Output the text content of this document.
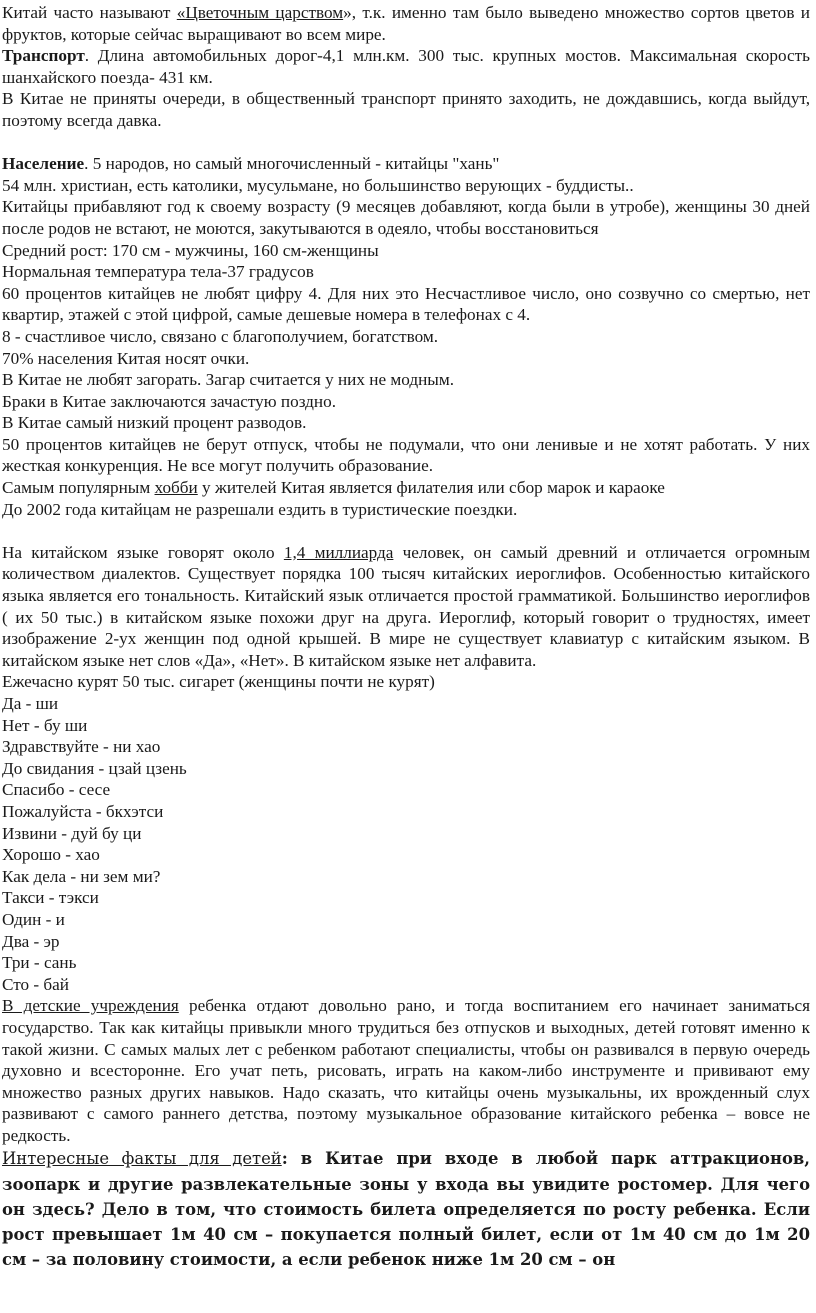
Китай часто называют «Цветочным царством», т.к. именно там было выведено множество сортов цветов и фруктов, которые сейчас выращивают во всем мире.

Транспорт. Длина автомобильных дорог-4,1 млн.км. 300 тыс. крупных мостов. Максимальная скорость шанхайского поезда- 431 км.

В Китае не приняты очереди, в общественный транспорт принято заходить, не дождавшись, когда выйдут, поэтому всегда давка.

Население. 5 народов, но самый многочисленный - китайцы "хань"

54 млн. христиан, есть католики, мусульмане, но большинство верующих - буддисты..

Китайцы прибавляют год к своему возрасту (9 месяцев добавляют, когда были в утробе), женщины 30 дней после родов не встают, не моются, закутываются в одеяло, чтобы восстановиться

Средний рост: 170 см - мужчины, 160 см-женщины

Нормальная температура тела-37 градусов

60 процентов китайцев не любят цифру 4. Для них это Несчастливое число, оно созвучно со смертью, нет квартир, этажей с этой цифрой, самые дешевые номера в телефонах с 4.

8 - счастливое число, связано с благополучием, богатством.

70% населения Китая носят очки.

В Китае не любят загорать. Загар считается у них не модным.

Браки в Китае заключаются зачастую поздно.

В Китае самый низкий процент разводов.

50 процентов китайцев не берут отпуск, чтобы не подумали, что они ленивые и не хотят работать. У них жесткая конкуренция. Не все могут получить образование.

Самым популярным хобби у жителей Китая является филателия или сбор марок и караоке

До 2002 года китайцам не разрешали ездить в туристические поездки.

На китайском языке говорят около 1,4 миллиарда человек, он самый древний и отличается огромным количеством диалектов. Существует порядка 100 тысяч китайских иероглифов. Особенностью китайского языка является его тональность. Китайский язык отличается простой грамматикой. Большинство иероглифов ( их 50 тыс.) в китайском языке похожи друг на друга. Иероглиф, который говорит о трудностях, имеет изображение 2-ух женщин под одной крышей. В мире не существует клавиатур с китайским языком. В китайском языке нет слов «Да», «Нет». В китайском языке нет алфавита.

Ежечасно курят 50 тыс. сигарет (женщины почти не курят)

Да - ши

Нет - бу ши

Здравствуйте - ни хао

До свидания - цзай цзень

Спасибо - сесе

Пожалуйста - бкхэтси

Извини - дуй бу ци

Хорошо - хао

Как дела - ни зем ми?

Такси - тэкси

Один - и

Два - эр

Три - сань

Сто - бай

В детские учреждения ребенка отдают довольно рано, и тогда воспитанием его начинает заниматься государство. Так как китайцы привыкли много трудиться без отпусков и выходных, детей готовят именно к такой жизни. С самых малых лет с ребенком работают специалисты, чтобы он развивался в первую очередь духовно и всесторонне. Его учат петь, рисовать, играть на каком-либо инструменте и прививают ему множество разных других навыков. Надо сказать, что китайцы очень музыкальны, их врожденный слух развивают с самого раннего детства, поэтому музыкальное образование китайского ребенка – вовсе не редкость.

Интересные факты для детей: в Китае при входе в любой парк аттракционов, зоопарк и другие развлекательные зоны у входа вы увидите ростомер. Для чего он здесь? Дело в том, что стоимость билета определяется по росту ребенка. Если рост превышает 1м 40 см – покупается полный билет, если от 1м 40 см до 1м 20 см – за половину стоимости, а если ребенок ниже 1м 20 см – он
